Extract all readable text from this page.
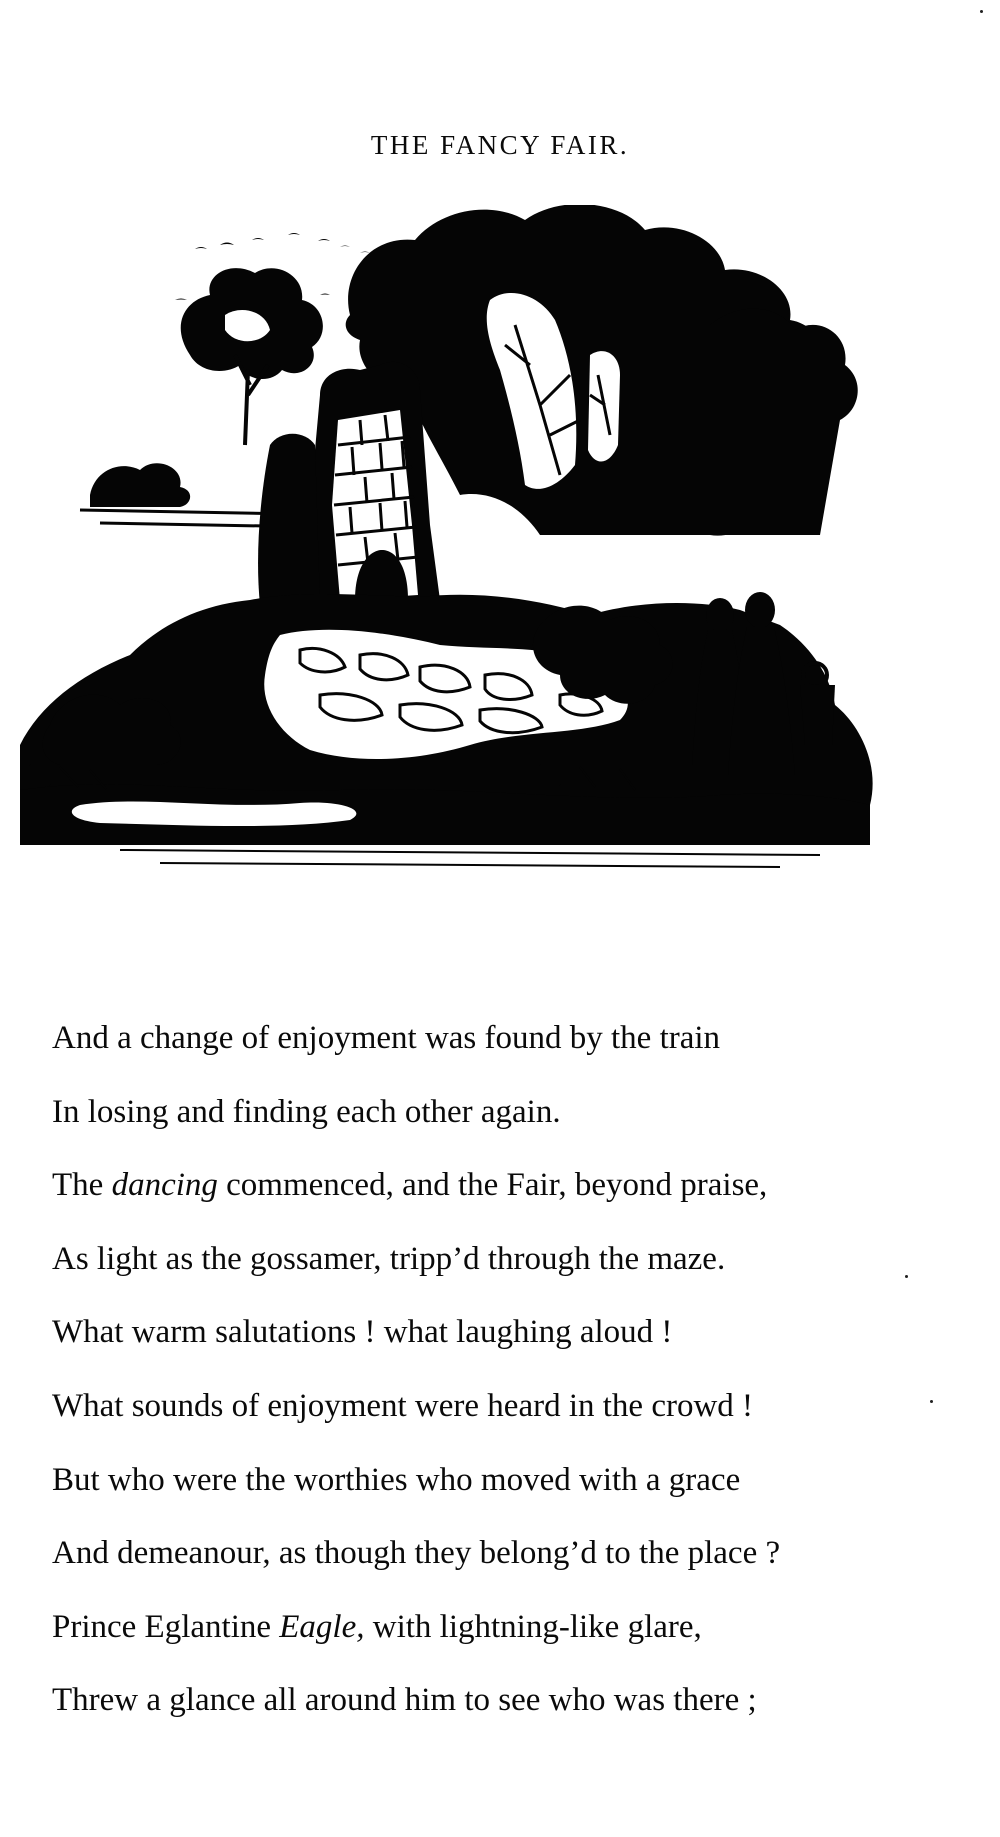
THE FANCY FAIR.
And a change of enjoyment was found by the train
In losing and finding each other again.
The dancing commenced, and the Fair, beyond praise,
As light as the gossamer, tripp’d through the maze.
What warm salutations ! what laughing aloud !
What sounds of enjoyment were heard in the crowd !
But who were the worthies who moved with a grace
And demeanour, as though they belong’d to the place ?
Prince Eglantine Eagle, with lightning-like glare,
Threw a glance all around him to see who was there ;
